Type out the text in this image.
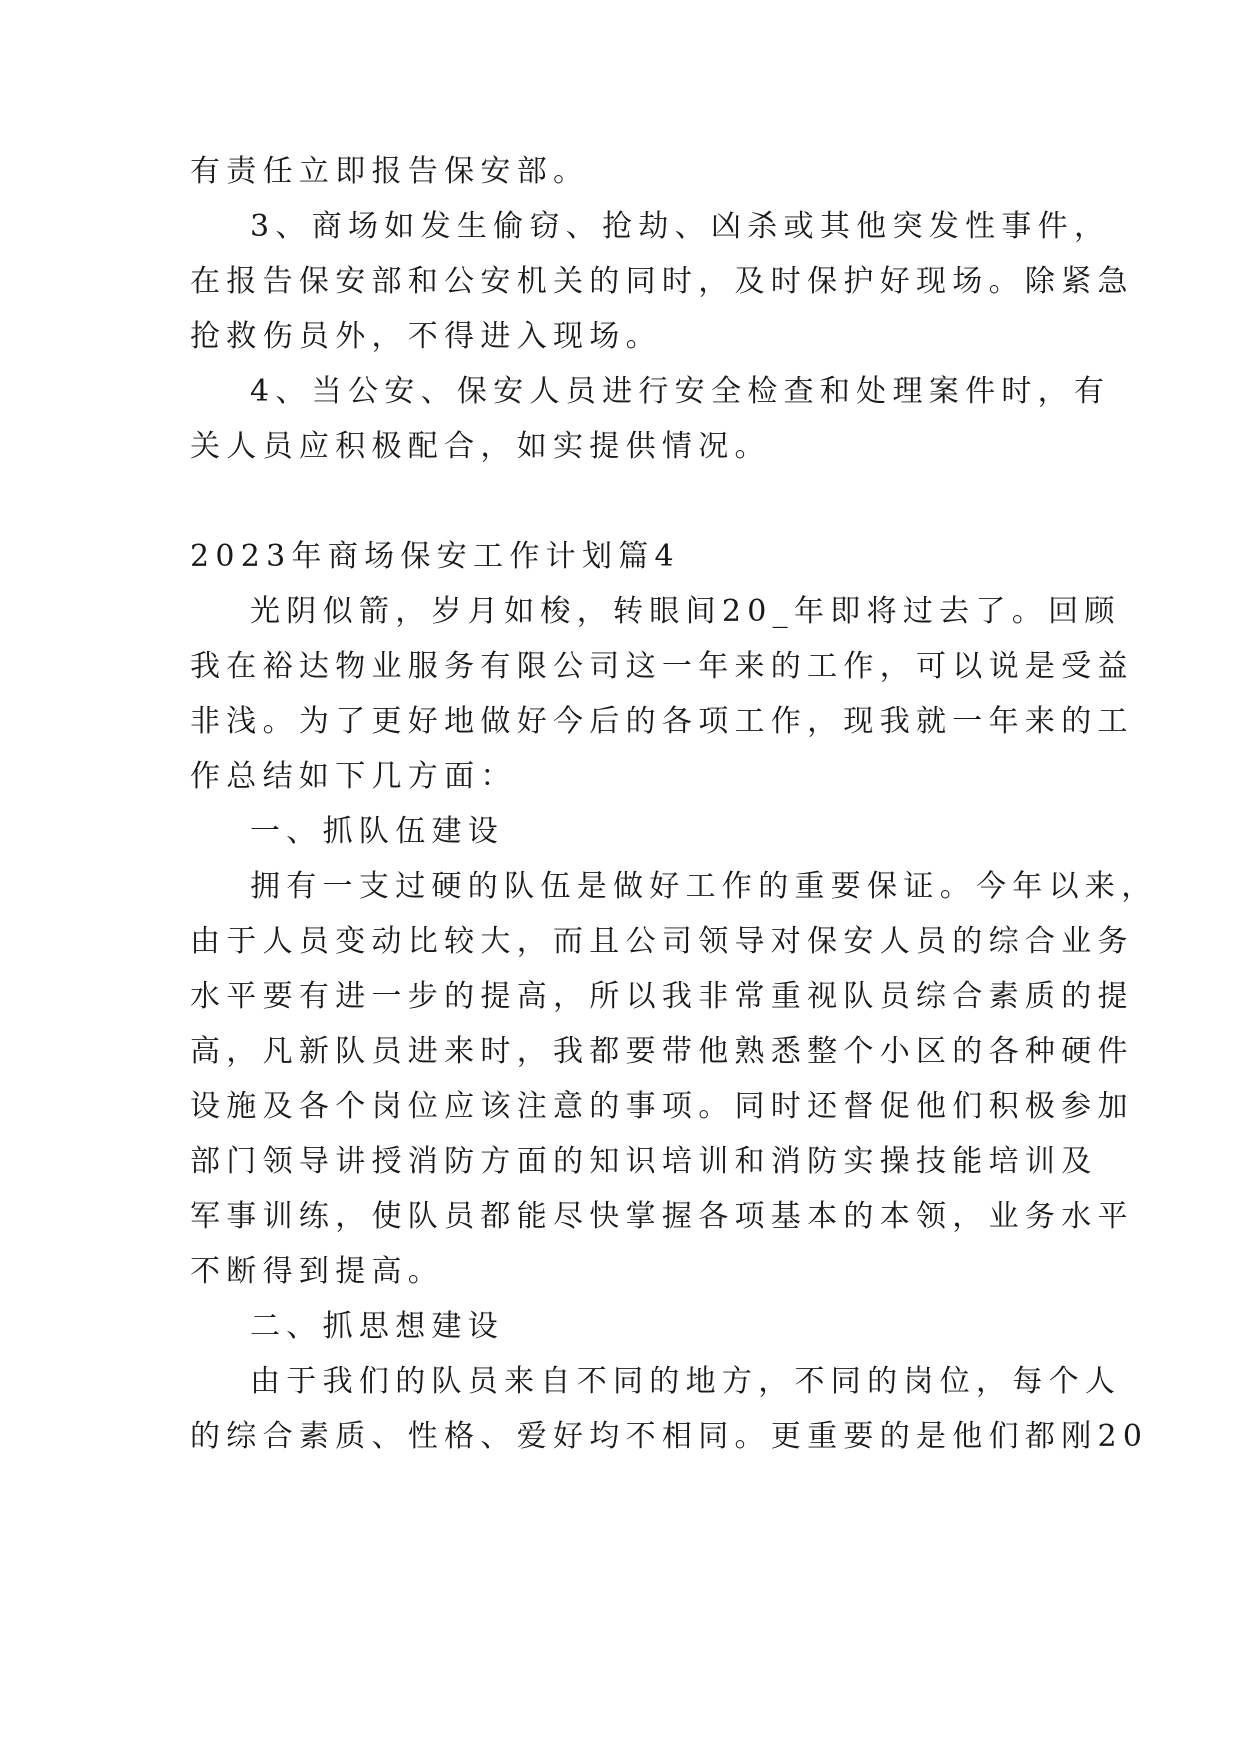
有责任立即报告保安部。
3、商场如发生偷窃、抢劫、凶杀或其他突发性事件，
在报告保安部和公安机关的同时，及时保护好现场。除紧急
抢救伤员外，不得进入现场。
4、当公安、保安人员进行安全检查和处理案件时，有
关人员应积极配合，如实提供情况。
2023年商场保安工作计划篇4
光阴似箭，岁月如梭，转眼间20_年即将过去了。回顾
我在裕达物业服务有限公司这一年来的工作，可以说是受益
非浅。为了更好地做好今后的各项工作，现我就一年来的工
作总结如下几方面：
一、抓队伍建设
拥有一支过硬的队伍是做好工作的重要保证。今年以来，
由于人员变动比较大，而且公司领导对保安人员的综合业务
水平要有进一步的提高，所以我非常重视队员综合素质的提
高，凡新队员进来时，我都要带他熟悉整个小区的各种硬件
设施及各个岗位应该注意的事项。同时还督促他们积极参加
部门领导讲授消防方面的知识培训和消防实操技能培训及
军事训练，使队员都能尽快掌握各项基本的本领，业务水平
不断得到提高。
二、抓思想建设
由于我们的队员来自不同的地方，不同的岗位，每个人
的综合素质、性格、爱好均不相同。更重要的是他们都刚20
